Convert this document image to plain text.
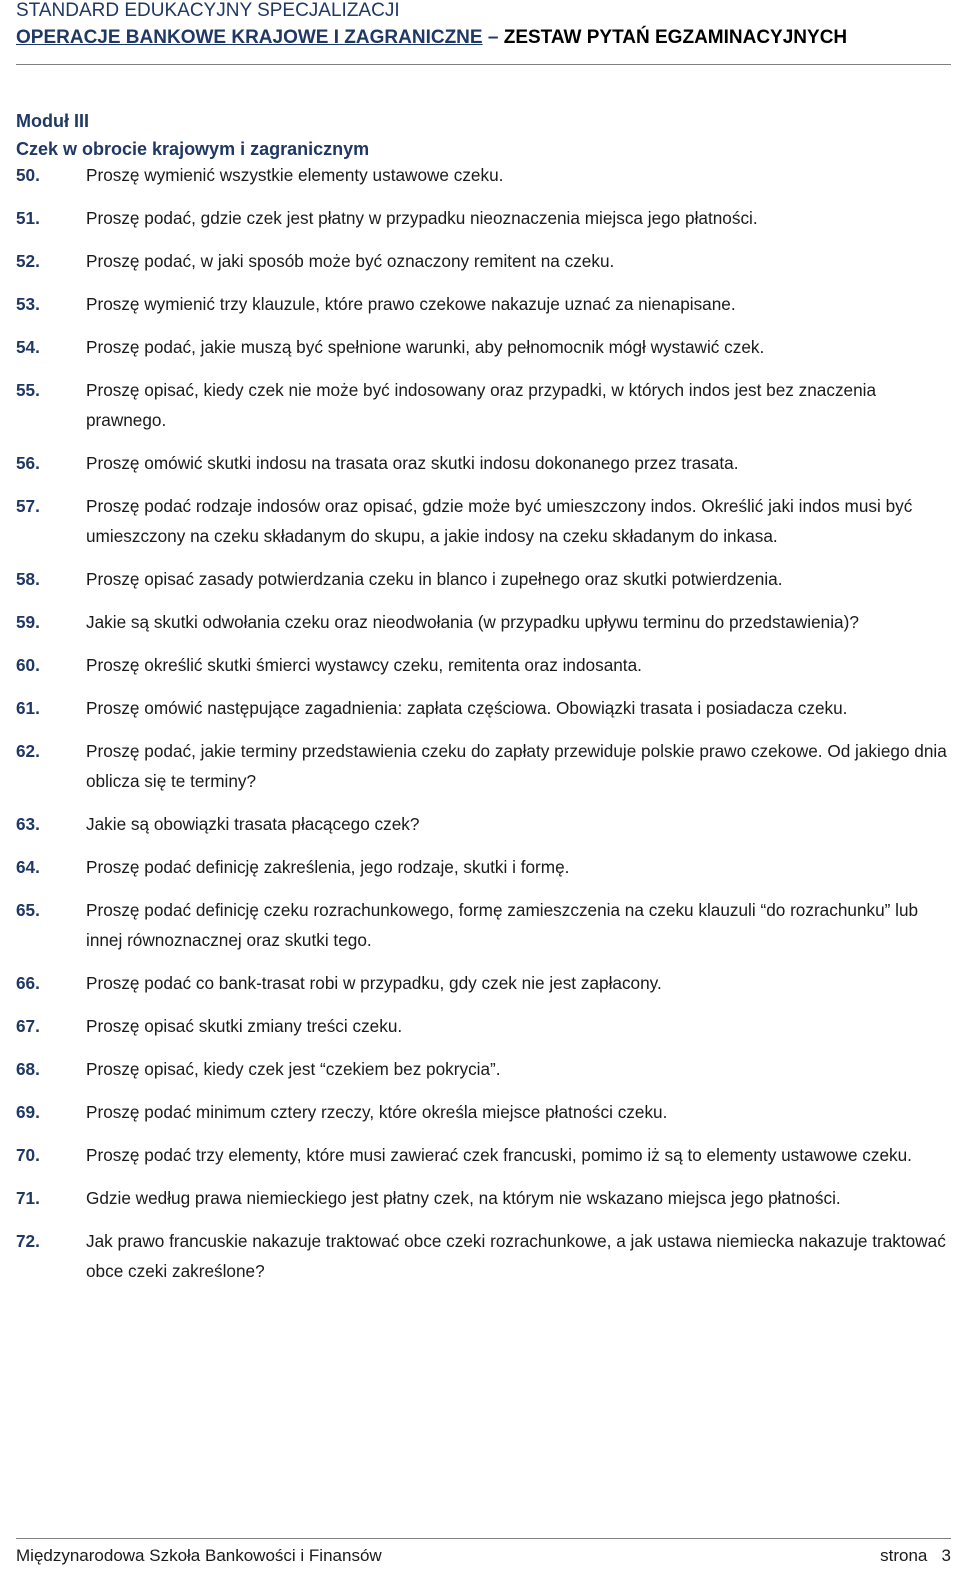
STANDARD EDUKACYJNY SPECJALIZACJI
OPERACJE BANKOWE KRAJOWE I ZAGRANICZNE – ZESTAW PYTAŃ EGZAMINACYJNYCH
Moduł III
Czek w obrocie krajowym i zagranicznym
50.	Proszę wymienić wszystkie elementy ustawowe czeku.
51.	Proszę podać, gdzie czek jest płatny w przypadku nieoznaczenia miejsca jego płatności.
52.	Proszę podać, w jaki sposób może być oznaczony remitent na czeku.
53.	Proszę wymienić trzy klauzule, które prawo czekowe nakazuje uznać za nienapisane.
54.	Proszę podać, jakie muszą być spełnione warunki, aby pełnomocnik mógł wystawić czek.
55.	Proszę opisać, kiedy czek nie może być indosowany oraz przypadki, w których indos jest bez znaczenia prawnego.
56.	Proszę omówić skutki indosu na trasata oraz skutki indosu dokonanego przez trasata.
57.	Proszę podać rodzaje indosów oraz opisać, gdzie może być umieszczony indos. Określić jaki indos musi być umieszczony na czeku składanym do skupu, a jakie indosy na czeku składanym do inkasa.
58.	Proszę opisać zasady potwierdzania czeku in blanco i zupełnego oraz skutki potwierdzenia.
59.	Jakie są skutki odwołania czeku oraz nieodwołania (w przypadku upływu terminu do przedstawienia)?
60.	Proszę określić skutki śmierci wystawcy czeku, remitenta oraz indosanta.
61.	Proszę omówić następujące zagadnienia: zapłata częściowa. Obowiązki trasata i posiadacza czeku.
62.	Proszę podać, jakie terminy przedstawienia czeku do zapłaty przewiduje polskie prawo czekowe. Od jakiego dnia oblicza się te terminy?
63.	Jakie są obowiązki trasata płacącego czek?
64.	Proszę podać definicję zakreślenia, jego rodzaje, skutki i formę.
65.	Proszę podać definicję czeku rozrachunkowego, formę zamieszczenia na czeku klauzuli “do rozrachunku” lub innej równoznacznej oraz skutki tego.
66.	Proszę podać co bank-trasat robi w przypadku, gdy czek nie jest zapłacony.
67.	Proszę opisać skutki zmiany treści czeku.
68.	Proszę opisać, kiedy czek jest “czekiem bez pokrycia”.
69.	Proszę podać minimum cztery rzeczy, które określa miejsce płatności czeku.
70.	Proszę podać trzy elementy, które musi zawierać czek francuski, pomimo iż są to elementy ustawowe czeku.
71.	Gdzie według prawa niemieckiego jest płatny czek, na którym nie wskazano miejsca jego płatności.
72.	Jak prawo francuskie nakazuje traktować obce czeki rozrachunkowe, a jak ustawa niemiecka nakazuje traktować obce czeki zakreślone?
Międzynarodowa Szkoła Bankowości i Finansów	strona 3
